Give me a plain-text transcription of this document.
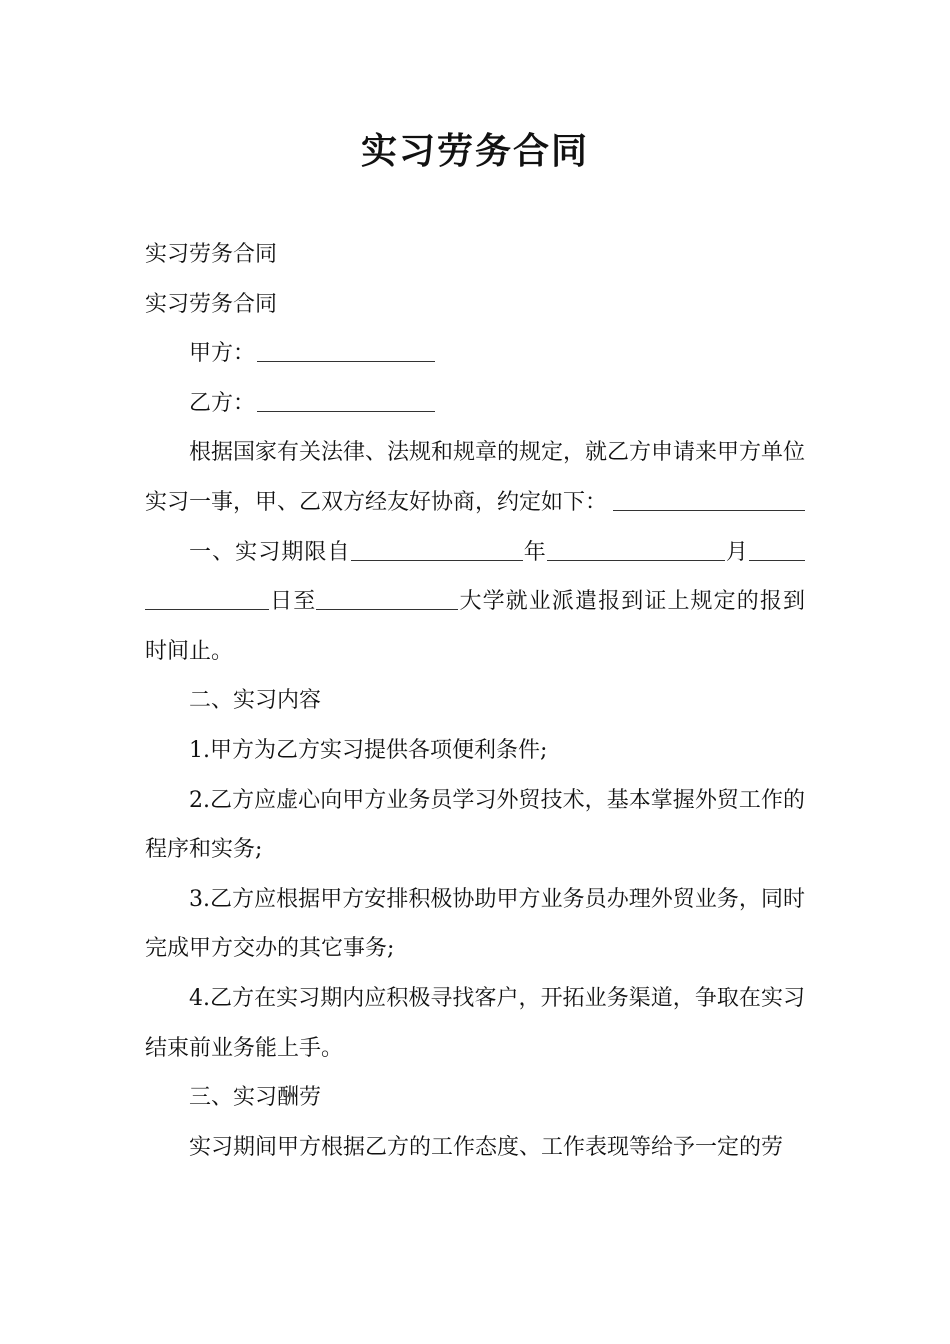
实习劳务合同

实习劳务合同

实习劳务合同

甲方：

乙方：

根据国家有关法律、法规和规章的规定，就乙方申请来甲方单位实习一事，甲、乙双方经友好协商，约定如下：

一、实习期限自	年	月日至	大学就业派遣报到证上规定的报到时间止。

二、实习内容

1.甲方为乙方实习提供各项便利条件;

2.乙方应虚心向甲方业务员学习外贸技术，基本掌握外贸工作的程序和实务;

3.乙方应根据甲方安排积极协助甲方业务员办理外贸业务，同时完成甲方交办的其它事务;

4.乙方在实习期内应积极寻找客户，开拓业务渠道，争取在实习结束前业务能上手。

三、实习酬劳

实习期间甲方根据乙方的工作态度、工作表现等给予一定的劳
